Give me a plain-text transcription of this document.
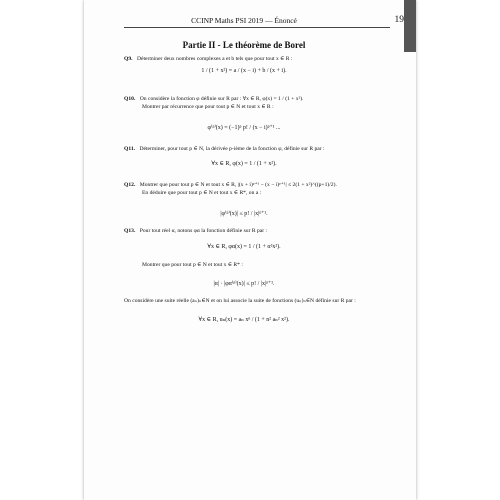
CCINP Maths PSI 2019 — Énoncé	19
Partie II - Le théorème de Borel
Q9. Déterminer deux nombres complexes a et b tels que pour tout x ∈ R :
1 / (1 + x²) = a / (x − i) + b / (x + i).
Q10. On considère la fonction φ définie sur R par : ∀x ∈ R, φ(x) = 1 / (1 + x²).
Montrer par récurrence que pour tout p ∈ N et tout x ∈ R :
φ⁽ᵖ⁾(x) = (−1)ᵖ p! / (x − i)ᵖ⁺¹ ...
Q11. Déterminer, pour tout p ∈ N, la dérivée p-ième de la fonction φ, définie sur R par :
∀x ∈ R, φ(x) = 1 / (1 + x²).
Q12. Montrer que pour tout p ∈ N et tout x ∈ R, |(x + i)ᵖ⁺¹ − (x − i)ᵖ⁺¹| ≤ 2(1 + x²)^((p+1)/2).
En déduire que pour tout p ∈ N et tout x ∈ R*, on a :
|φ⁽ᵖ⁾(x)| ≤ p! / |x|ᵖ⁺¹.
Q13. Pour tout réel α, notons φα la fonction définie sur R par :
∀x ∈ R, φα(x) = 1 / (1 + α²x²).
Montrer que pour tout p ∈ N et tout x ∈ R* :
|α| · |φα⁽ᵖ⁾(x)| ≤ p! / |x|ᵖ⁺¹.
On considère une suite réelle (aₙ)ₙ∈N et on lui associe la suite de fonctions (uₙ)ₙ∈N définie sur R par :
∀x ∈ R, uₙ(x) = aₙ xⁿ / (1 + n² aₙ² x²).
